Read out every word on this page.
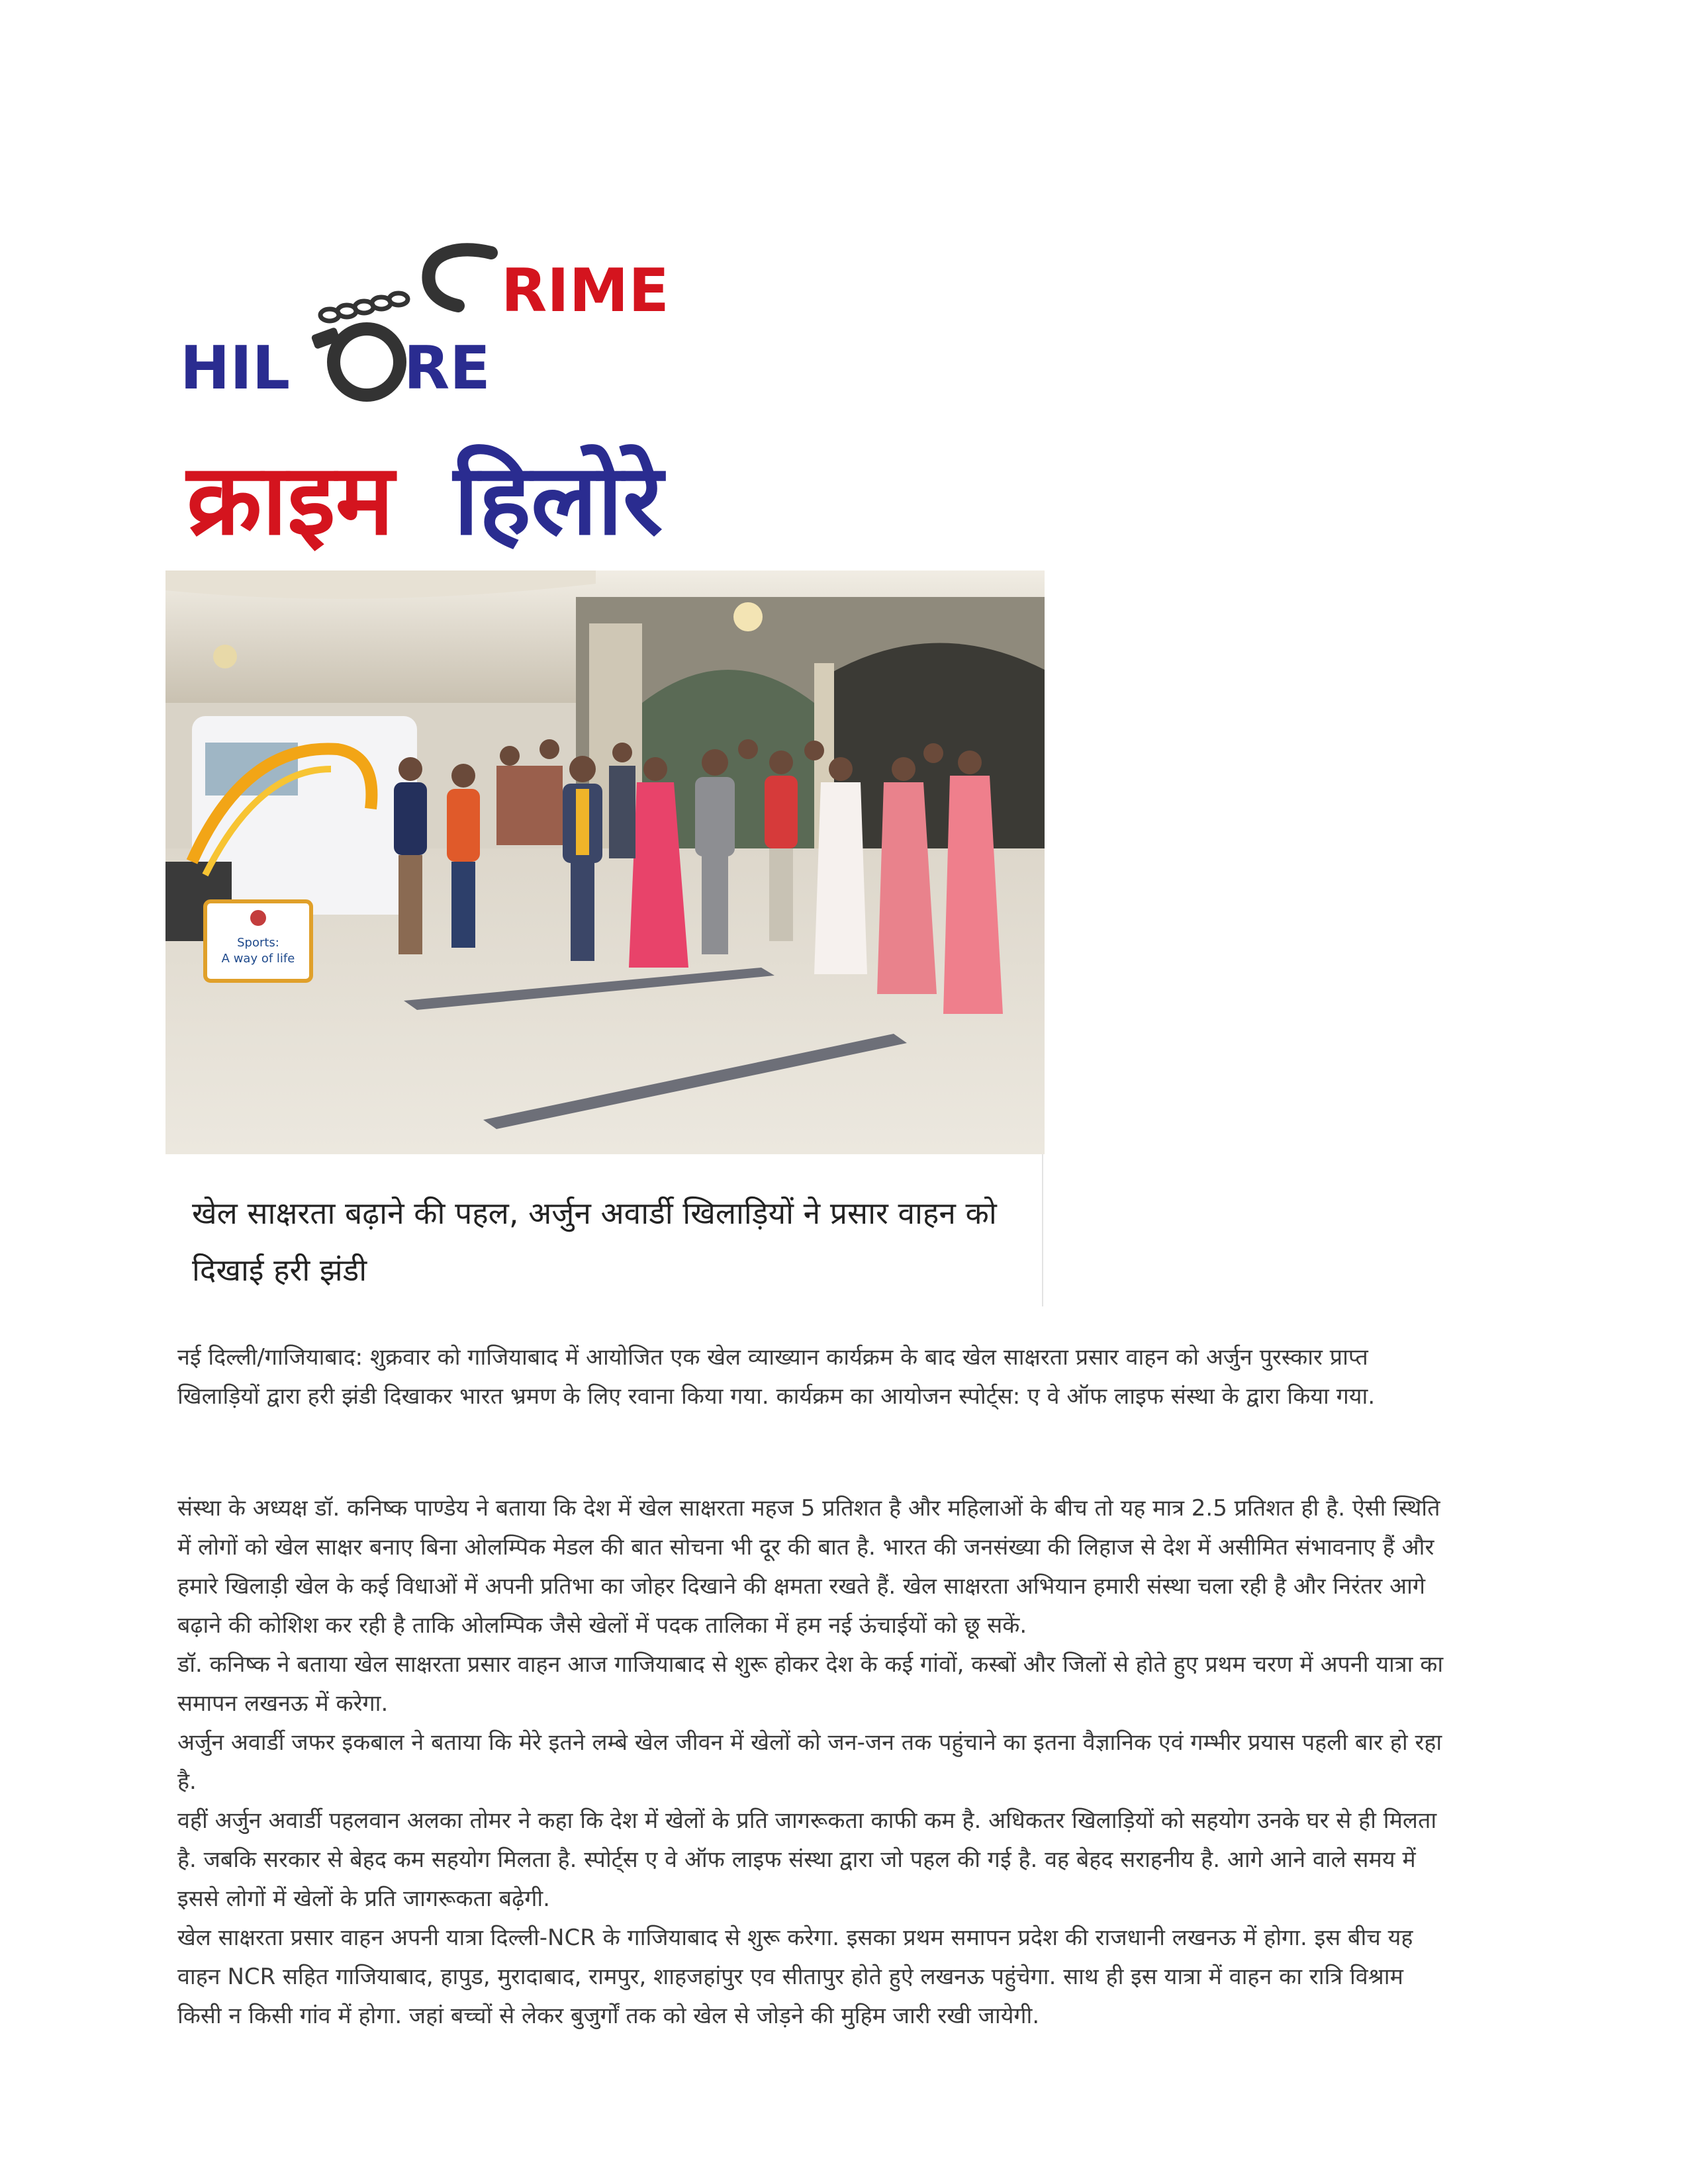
RIME
HIL RE
क्राइम हिलोरे
Sports:
A way of life
खेल साक्षरता बढ़ाने की पहल, अर्जुन अवार्डी खिलाड़ियों ने प्रसार वाहन को दिखाई हरी झंडी

नई दिल्ली/गाजियाबाद: शुक्रवार को गाजियाबाद में आयोजित एक खेल व्याख्यान कार्यक्रम के बाद खेल साक्षरता प्रसार वाहन को अर्जुन पुरस्कार प्राप्त खिलाड़ियों द्वारा हरी झंडी दिखाकर भारत भ्रमण के लिए रवाना किया गया. कार्यक्रम का आयोजन स्पोर्ट्स: ए वे ऑफ लाइफ संस्था के द्वारा किया गया.

संस्था के अध्यक्ष डॉ. कनिष्क पाण्डेय ने बताया कि देश में खेल साक्षरता महज 5 प्रतिशत है और महिलाओं के बीच तो यह मात्र 2.5 प्रतिशत ही है. ऐसी स्थिति में लोगों को खेल साक्षर बनाए बिना ओलम्पिक मेडल की बात सोचना भी दूर की बात है. भारत की जनसंख्या की लिहाज से देश में असीमित संभावनाए हैं और हमारे खिलाड़ी खेल के कई विधाओं में अपनी प्रतिभा का जोहर दिखाने की क्षमता रखते हैं. खेल साक्षरता अभियान हमारी संस्था चला रही है और निरंतर आगे बढ़ाने की कोशिश कर रही है ताकि ओलम्पिक जैसे खेलों में पदक तालिका में हम नई ऊंचाईयों को छू सकें.

डॉ. कनिष्क ने बताया खेल साक्षरता प्रसार वाहन आज गाजियाबाद से शुरू होकर देश के कई गांवों, कस्बों और जिलों से होते हुए प्रथम चरण में अपनी यात्रा का समापन लखनऊ में करेगा.

अर्जुन अवार्डी जफर इकबाल ने बताया कि मेरे इतने लम्बे खेल जीवन में खेलों को जन-जन तक पहुंचाने का इतना वैज्ञानिक एवं गम्भीर प्रयास पहली बार हो रहा है.

वहीं अर्जुन अवार्डी पहलवान अलका तोमर ने कहा कि देश में खेलों के प्रति जागरूकता काफी कम है. अधिकतर खिलाड़ियों को सहयोग उनके घर से ही मिलता है. जबकि सरकार से बेहद कम सहयोग मिलता है. स्पोर्ट्स ए वे ऑफ लाइफ संस्था द्वारा जो पहल की गई है. वह बेहद सराहनीय है. आगे आने वाले समय में इससे लोगों में खेलों के प्रति जागरूकता बढ़ेगी.

खेल साक्षरता प्रसार वाहन अपनी यात्रा दिल्ली-NCR के गाजियाबाद से शुरू करेगा. इसका प्रथम समापन प्रदेश की राजधानी लखनऊ में होगा. इस बीच यह वाहन NCR सहित गाजियाबाद, हापुड, मुरादाबाद, रामपुर, शाहजहांपुर एव सीतापुर होते हुऐ लखनऊ पहुंचेगा. साथ ही इस यात्रा में वाहन का रात्रि विश्राम किसी न किसी गांव में होगा. जहां बच्चों से लेकर बुजुर्गों तक को खेल से जोड़ने की मुहिम जारी रखी जायेगी.
